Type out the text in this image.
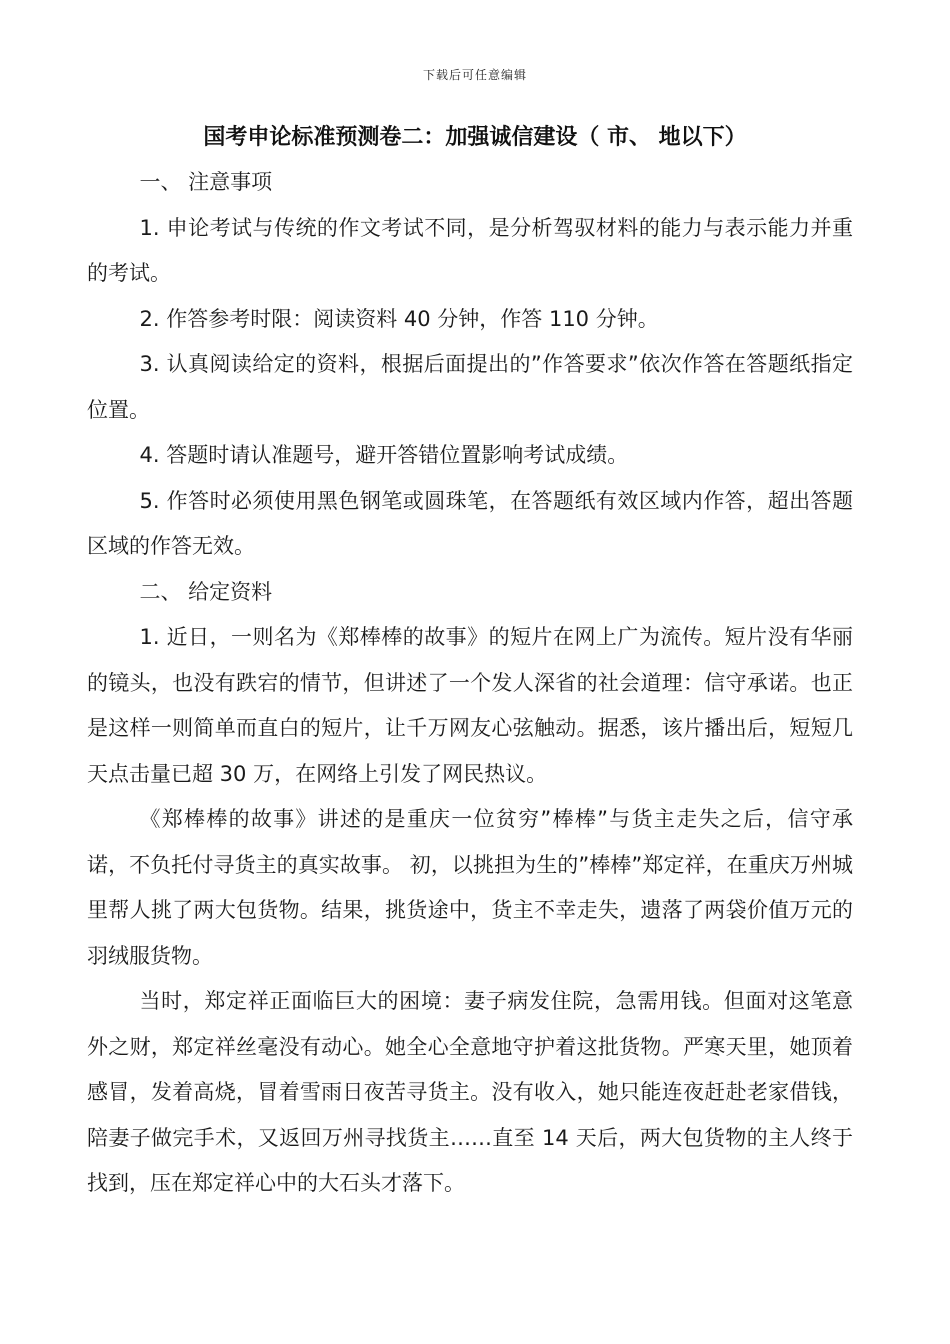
下载后可任意编辑
国考申论标准预测卷二：加强诚信建设（ 市、 地以下）

一、 注意事项

1. 申论考试与传统的作文考试不同，是分析驾驭材料的能力与表示能力并重的考试。

2. 作答参考时限：阅读资料 40 分钟，作答 110 分钟。

3. 认真阅读给定的资料，根据后面提出的”作答要求”依次作答在答题纸指定位置。

4. 答题时请认准题号，避开答错位置影响考试成绩。

5. 作答时必须使用黑色钢笔或圆珠笔，在答题纸有效区域内作答，超出答题区域的作答无效。

二、 给定资料

1. 近日，一则名为《郑棒棒的故事》的短片在网上广为流传。短片没有华丽的镜头，也没有跌宕的情节，但讲述了一个发人深省的社会道理：信守承诺。也正是这样一则简单而直白的短片，让千万网友心弦触动。据悉，该片播出后，短短几天点击量已超 30 万，在网络上引发了网民热议。

《郑棒棒的故事》讲述的是重庆一位贫穷”棒棒”与货主走失之后，信守承诺，不负托付寻货主的真实故事。 初，以挑担为生的”棒棒”郑定祥，在重庆万州城里帮人挑了两大包货物。结果，挑货途中，货主不幸走失，遗落了两袋价值万元的羽绒服货物。

当时，郑定祥正面临巨大的困境：妻子病发住院，急需用钱。但面对这笔意外之财，郑定祥丝毫没有动心。她全心全意地守护着这批货物。严寒天里，她顶着感冒，发着高烧，冒着雪雨日夜苦寻货主。没有收入，她只能连夜赶赴老家借钱，陪妻子做完手术，又返回万州寻找货主……直至 14 天后，两大包货物的主人终于找到，压在郑定祥心中的大石头才落下。
